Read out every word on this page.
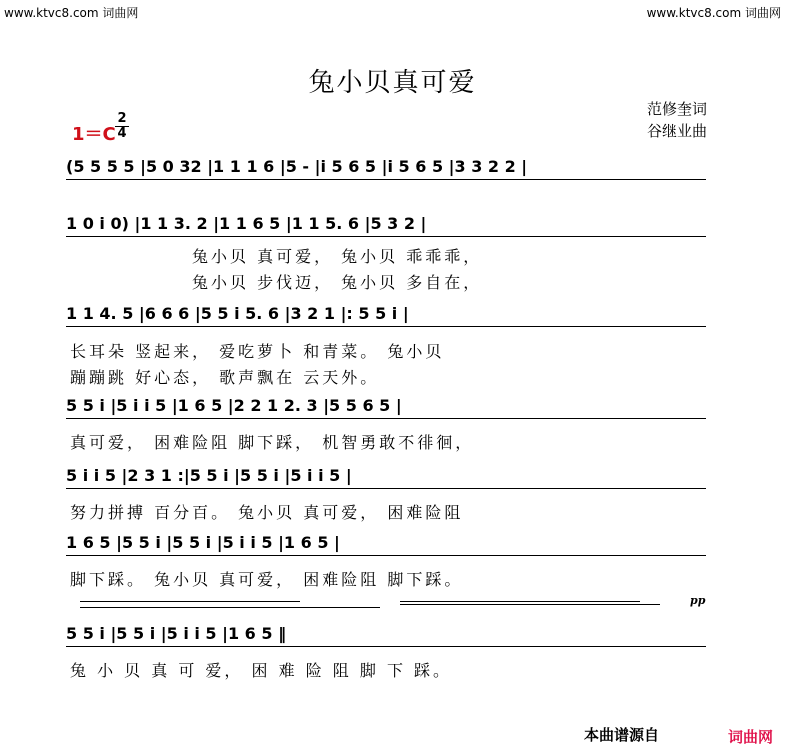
www.ktvc8.com 词曲网	www.ktvc8.com 词曲网
兔小贝真可爱
范修奎词
谷继业曲
1＝C
2
4
(5 5 5 5 |5 0 32 |1 1 1 6 |5 - |i 5 6 5 |i 5 6 5 |3 3 2 2 |
1 0 i 0) |1 1 3. 2 |1 1 6 5 |1 1 5. 6 |5 3 2 |
兔小贝 真可爱， 兔小贝 乖乖乖，
兔小贝 步伐迈， 兔小贝 多自在，
1 1 4. 5 |6 6 6 |5 5 i 5. 6 |3 2 1 |: 5 5 i |
长耳朵 竖起来， 爱吃萝卜 和青菜。 兔小贝
蹦蹦跳 好心态， 歌声飘在 云天外。
5 5 i |5 i i 5 |1 6 5 |2 2 1 2. 3 |5 5 6 5 |
真可爱， 困难险阻 脚下踩， 机智勇敢不徘徊，
5 i i 5 |2 3 1 :|5 5 i |5 5 i |5 i i 5 |
努力拼搏 百分百。 兔小贝 真可爱， 困难险阻
1 6 5 |5 5 i |5 5 i |5 i i 5 |1 6 5 |
脚下踩。 兔小贝 真可爱， 困难险阻 脚下踩。
pp
5 5 i |5 5 i |5 i i 5 |1 6 5 ‖
兔 小 贝 真 可 爱， 困 难 险 阻 脚 下 踩。
本曲谱源自	词曲网
